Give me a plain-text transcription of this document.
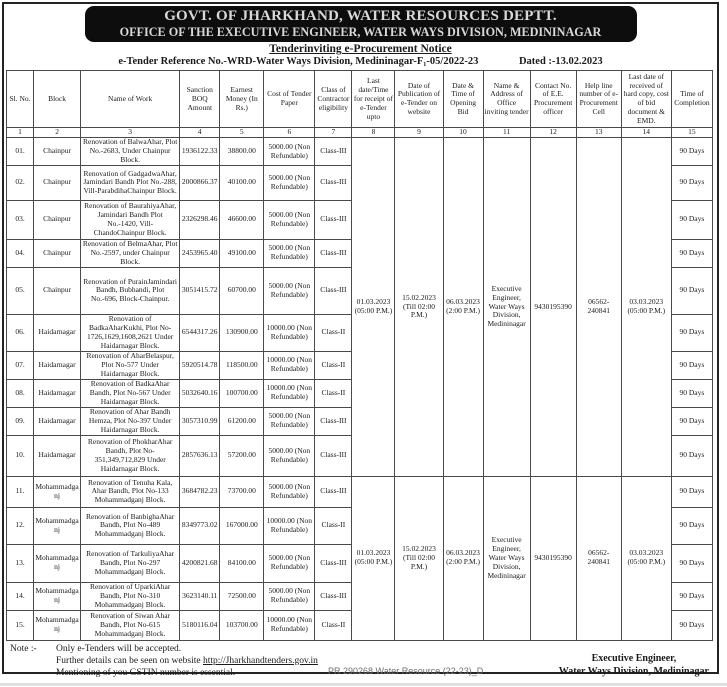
GOVT. OF JHARKHAND, WATER RESOURCES DEPTT.
OFFICE OF THE EXECUTIVE ENGINEER, WATER WAYS DIVISION, MEDININAGAR
Tenderinviting e-Procurement Notice
e-Tender Reference No.-WRD-Water Ways Division, Medininagar-F₁-05/2022-23	Dated :-13.02.2023
Sl. No.	Block	Name of Work	Sanction BOQ Amount	Earnest Money (In Rs.)	Cost of Tender Paper	Class of Contractor eligibility	Last date/Time for receipt of e-Tender upto	Date of Publication of e-Tender on website	Date & Time of Opening Bid	Name & Address of Office inviting tender	Contact No. of E.E. Procurement officer	Help line number of e-Procurement Cell	Last date of received of hard copy, cost of bid document & EMD.	Time of Completion
1	2	3	4	5	6	7	8	9	10	11	12	13	14	15
01.	Chainpur	Renovation of BalwaAhar, Plot No.-2683, Under Chainpur Block.	1936122.33	38800.00	5000.00 (Non Refundable)	Class-III	01.03.2023 (05:00 P.M.)	15.02.2023 (Till 02:00 P.M.)	06.03.2023 (2:00 P.M.)	Executive Engineer, Water Ways Division, Medininagar	9430195390	06562-240841	03.03.2023 (05:00 P.M.)	90 Days
02.	Chainpur	Renovation of GadgadwaAhar, Jamindari Bandh Plot No.-288, Vill-ParabdihaChainpur Block.	2000866.37	40100.00	5000.00 (Non Refundable)	Class-III								90 Days
03.	Chainpur	Renovation of BaurahiyaAhar, Jamindari Bandh Plot No.-1420, Vill-ChandoChainpur Block.	2326298.46	46600.00	5000.00 (Non Refundable)	Class-III								90 Days
04.	Chainpur	Renovation of BelmaAhar, Plot No.-2597, under Chainpur Block.	2453965.40	49100.00	5000.00 (Non Refundable)	Class-III								90 Days
05.	Chainpur	Renovation of PurainJamindari Bandh, Bubhandi, Plot No.-696, Block-Chainpur.	3051415.72	60700.00	5000.00 (Non Refundable)	Class-III								90 Days
06.	Haidarnagar	Renovation of BadkaAharKukhi, Plot No-1726,1629,1608,2621 Under Haidarnagar Block.	6544317.26	130900.00	10000.00 (Non Refundable)	Class-II								90 Days
07.	Haidarnagar	Renovation of AharBelaspur, Plot No-577 Under Haidarnagar Block.	5920514.78	118500.00	10000.00 (Non Refundable)	Class-II								90 Days
08.	Haidarnagar	Renovation of BadkaAhar Bandh, Plot No-567 Under Haidarnagar Block.	5032640.16	100700.00	10000.00 (Non Refundable)	Class-II								90 Days
09.	Haidarnagar	Renovation of Ahar Bandh Hemza, Plot No-397 Under Haidarnagar Block.	3057310.99	61200.00	5000.00 (Non Refundable)	Class-III								90 Days
10.	Haidarnagar	Renovation of PhokharAhar Bandh, Plot No-351,349,712,829 Under Haidarnagar Block.	2857636.13	57200.00	5000.00 (Non Refundable)	Class-III								90 Days
11.	Mohammadganj	Renovation of Tenuha Kala, Ahar Bandh, Plot No-133 Mohammadganj Block.	3684782.23	73700.00	5000.00 (Non Refundable)	Class-III	01.03.2023 (05:00 P.M.)	15.02.2023 (Till 02:00 P.M.)	06.03.2023 (2:00 P.M.)	Executive Engineer, Water Ways Division, Medininagar	9430195390	06562-240841	03.03.2023 (05:00 P.M.)	90 Days
12.	Mohammadganj	Renovation of BanbighaAhar Bandh, Plot No-489 Mohammadganj Block.	8349773.02	167000.00	10000.00 (Non Refundable)	Class-II								90 Days
13.	Mohammadganj	Renovation of TarkuliyaAhar Bandh, Plot No-297 Mohammadganj Block.	4200821.68	84100.00	5000.00 (Non Refundable)	Class-III								90 Days
14.	Mohammadganj	Renovation of UparkiAhar Bandh, Plot No-310 Mohammadganj Block.	3623140.11	72500.00	5000.00 (Non Refundable)	Class-III								90 Days
15.	Mohammadganj	Renovation of Siwan Ahar Bandh, Plot No-615 Mohammadganj Block.	5180116.04	103700.00	10000.00 (Non Refundable)	Class-II								90 Days
Note :-	Only e-Tenders will be accepted.
Further details can be seen on website http://Jharkhandtenders.gov.in
Mentioning of you GSTIN number is essential.	PR 290268 Water Resource (22-23)_D
Executive Engineer,
Water Ways Division, Medininagar
